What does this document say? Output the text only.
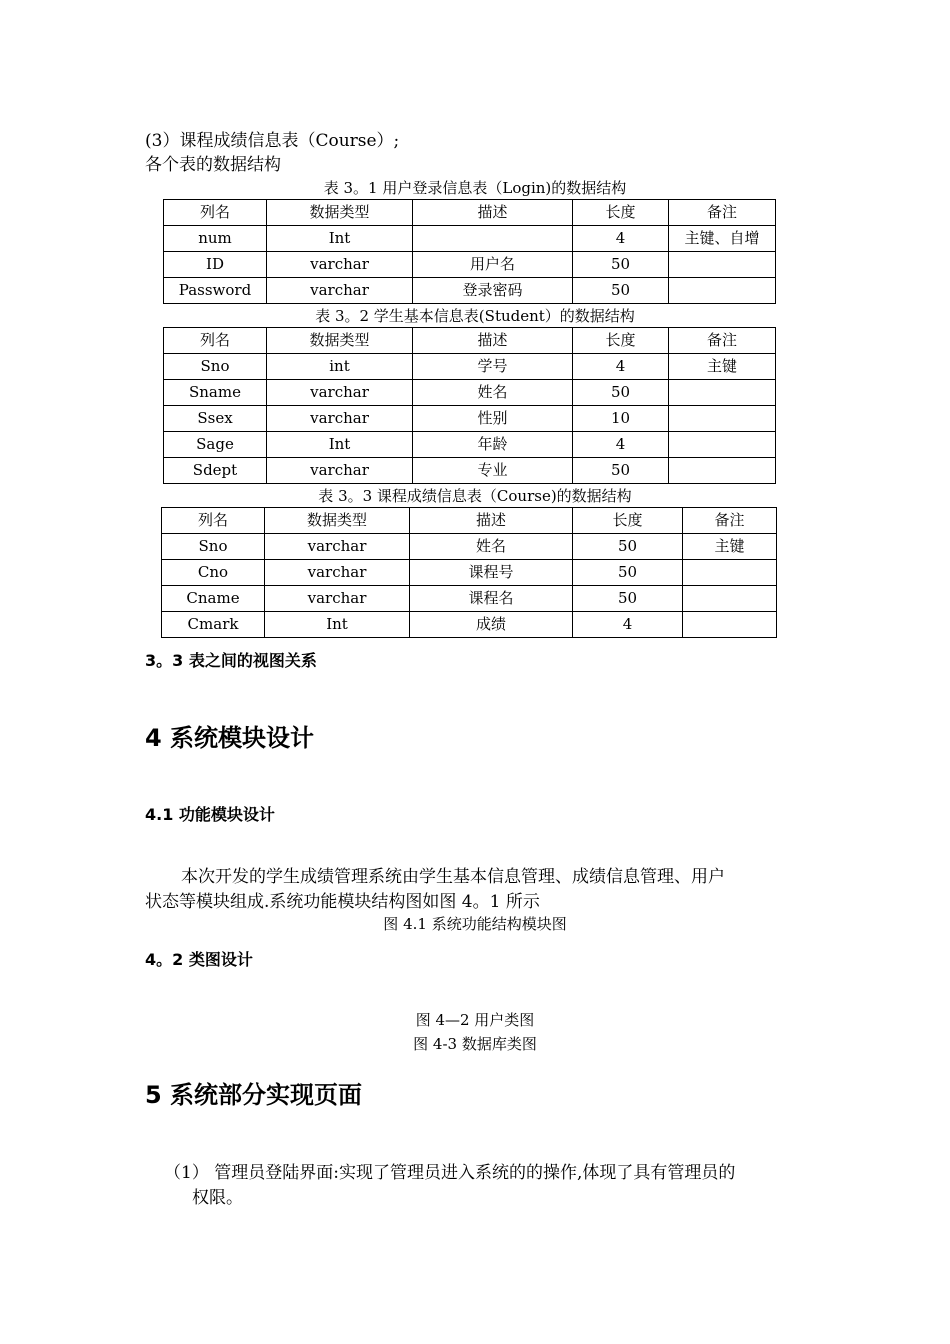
(3）课程成绩信息表（Course）;
各个表的数据结构
表 3。1 用户登录信息表（Login)的数据结构
列名	数据类型	描述	长度	备注
num	Int		4	主键、自增
ID	varchar	用户名	50	
Password	varchar	登录密码	50	
表 3。2 学生基本信息表(Student）的数据结构
列名	数据类型	描述	长度	备注
Sno	int	学号	4	主键
Sname	varchar	姓名	50	
Ssex	varchar	性别	10	
Sage	Int	年龄	4	
Sdept	varchar	专业	50	
表 3。3 课程成绩信息表（Course)的数据结构
列名	数据类型	描述	长度	备注
Sno	varchar	姓名	50	主键
Cno	varchar	课程号	50	
Cname	varchar	课程名	50	
Cmark	Int	成绩	4	
3。3 表之间的视图关系
4 系统模块设计
4.1 功能模块设计
本次开发的学生成绩管理系统由学生基本信息管理、成绩信息管理、用户
状态等模块组成.系统功能模块结构图如图 4。1 所示
图 4.1 系统功能结构模块图
4。2 类图设计
图 4—2 用户类图
图 4-3 数据库类图
5 系统部分实现页面
（1） 管理员登陆界面:实现了管理员进入系统的的操作,体现了具有管理员的
权限。
